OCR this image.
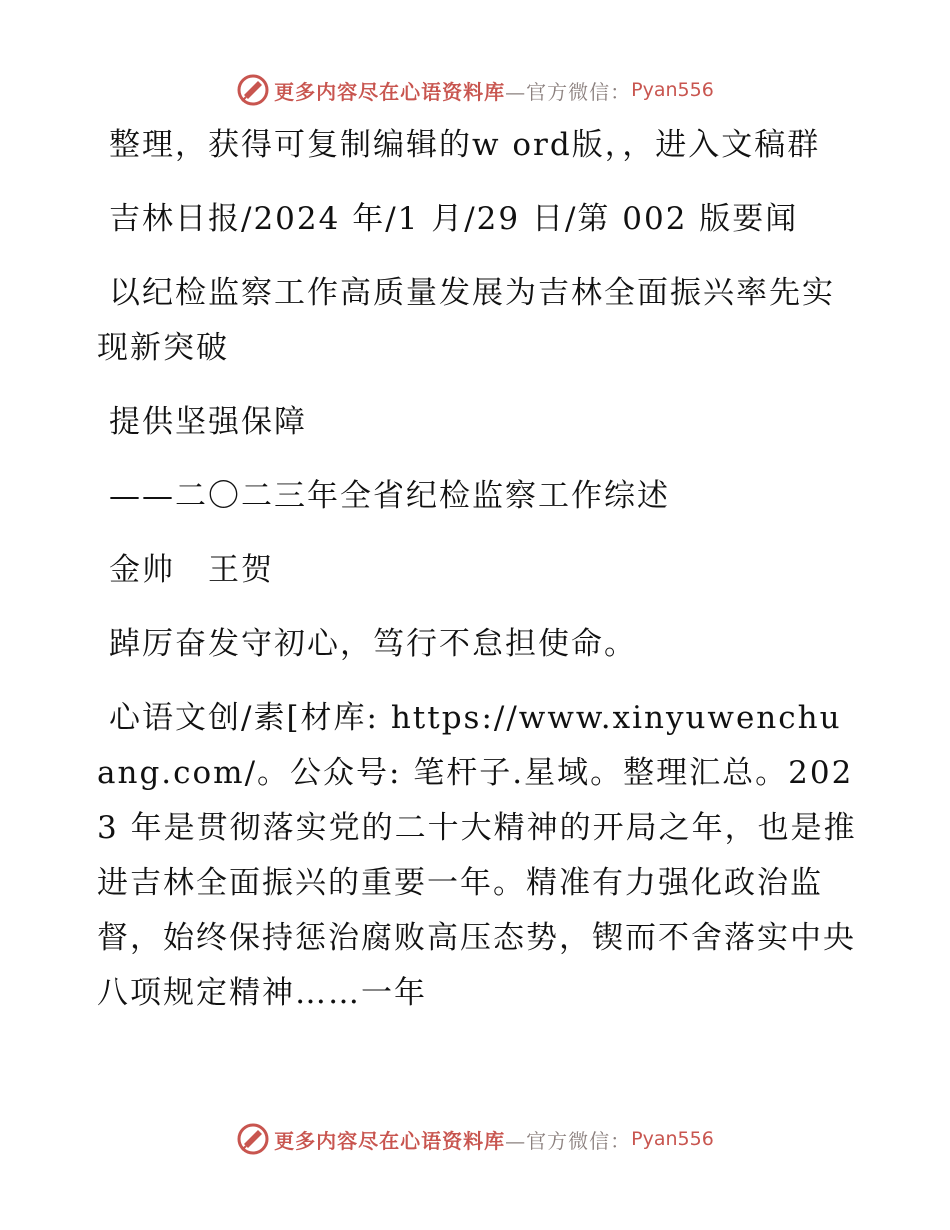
更多内容尽在心语资料库 —官方微信： Pyan556

整理，获得可复制编辑的w ord版，，进入文稿群

吉林日报/2024 年/1 月/29 日/第 002 版要闻

以纪检监察工作高质量发展为吉林全面振兴率先实现新突破

提供坚强保障

——二〇二三年全省纪检监察工作综述

金帅　王贺

踔厉奋发守初心，笃行不怠担使命。

心语文创/素[材库: https://www.xinyuwenchuang.com/。公众号: 笔杆子.星域。整理汇总。2023 年是贯彻落实党的二十大精神的开局之年，也是推进吉林全面振兴的重要一年。精准有力强化政治监督，始终保持惩治腐败高压态势，锲而不舍落实中央八项规定精神……一年

更多内容尽在心语资料库 —官方微信： Pyan556
